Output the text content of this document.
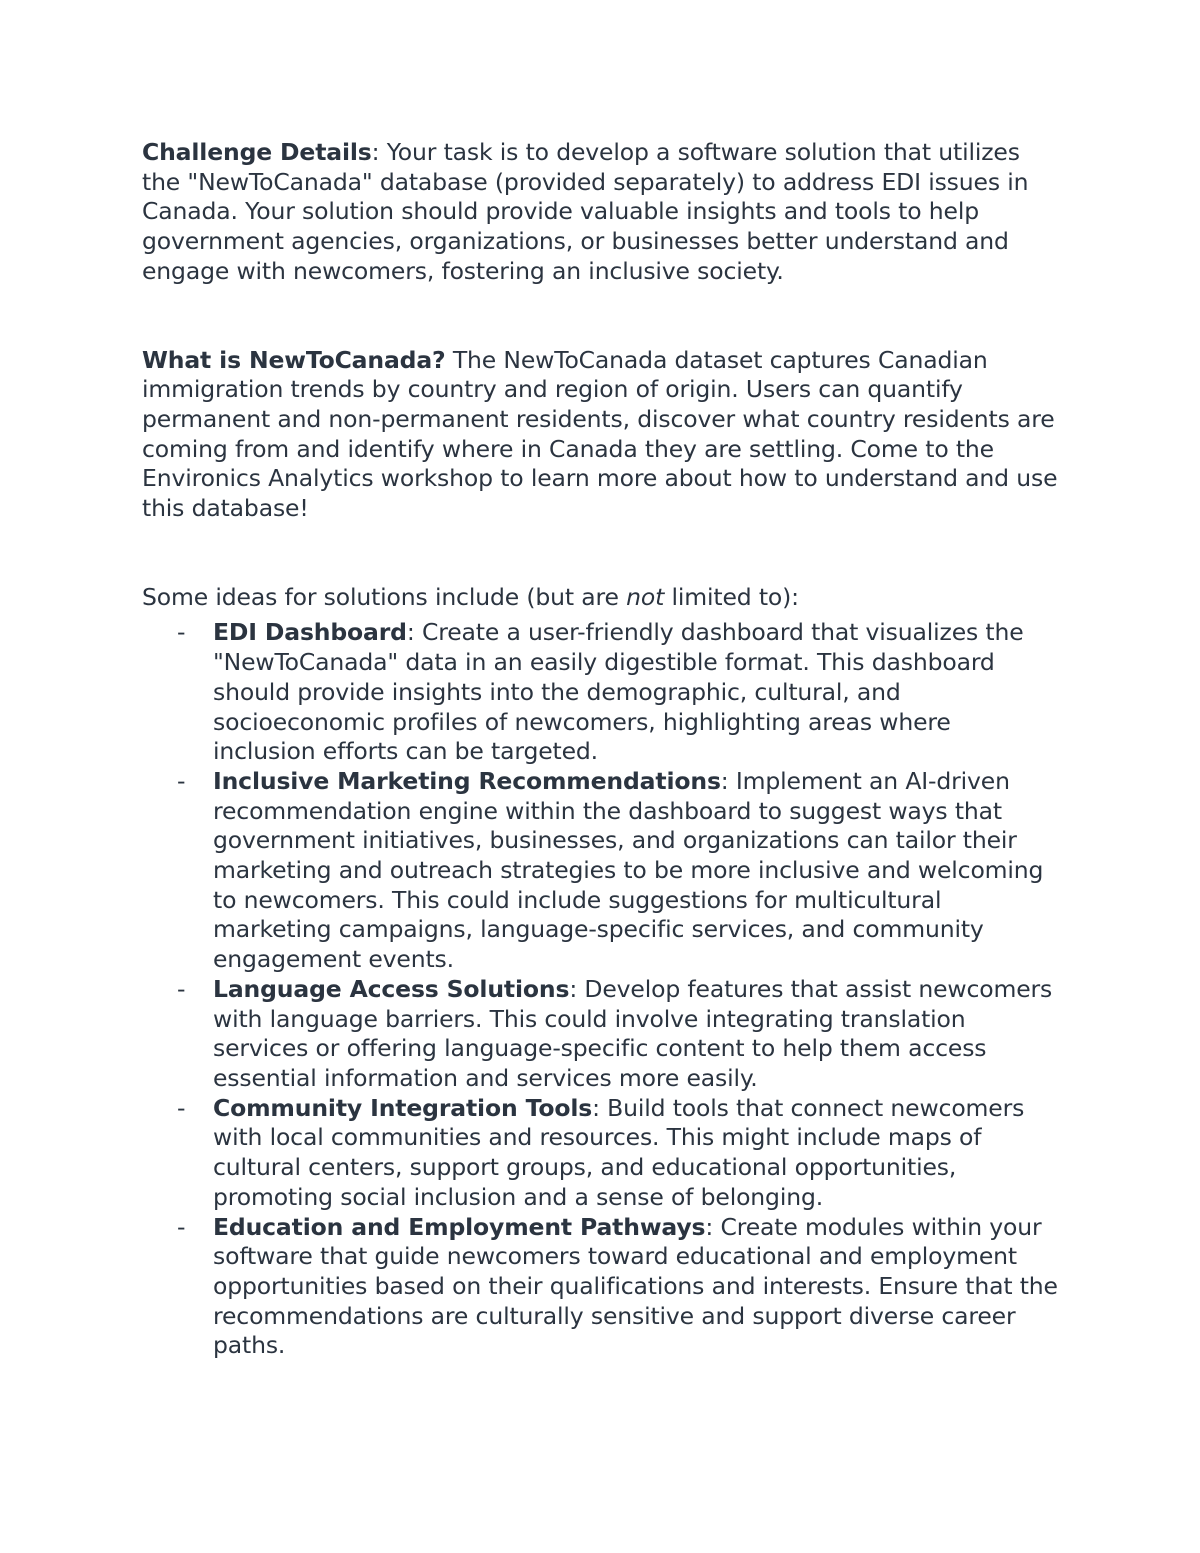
Challenge Details: Your task is to develop a software solution that utilizes the "NewToCanada" database (provided separately) to address EDI issues in Canada. Your solution should provide valuable insights and tools to help government agencies, organizations, or businesses better understand and engage with newcomers, fostering an inclusive society.

What is NewToCanada? The NewToCanada dataset captures Canadian immigration trends by country and region of origin. Users can quantify permanent and non-permanent residents, discover what country residents are coming from and identify where in Canada they are settling. Come to the Environics Analytics workshop to learn more about how to understand and use this database!

Some ideas for solutions include (but are not limited to):

- EDI Dashboard: Create a user-friendly dashboard that visualizes the "NewToCanada" data in an easily digestible format. This dashboard should provide insights into the demographic, cultural, and socioeconomic profiles of newcomers, highlighting areas where inclusion efforts can be targeted.
- Inclusive Marketing Recommendations: Implement an AI-driven recommendation engine within the dashboard to suggest ways that government initiatives, businesses, and organizations can tailor their marketing and outreach strategies to be more inclusive and welcoming to newcomers. This could include suggestions for multicultural marketing campaigns, language-specific services, and community engagement events.
- Language Access Solutions: Develop features that assist newcomers with language barriers. This could involve integrating translation services or offering language-specific content to help them access essential information and services more easily.
- Community Integration Tools: Build tools that connect newcomers with local communities and resources. This might include maps of cultural centers, support groups, and educational opportunities, promoting social inclusion and a sense of belonging.
- Education and Employment Pathways: Create modules within your software that guide newcomers toward educational and employment opportunities based on their qualifications and interests. Ensure that the recommendations are culturally sensitive and support diverse career paths.
